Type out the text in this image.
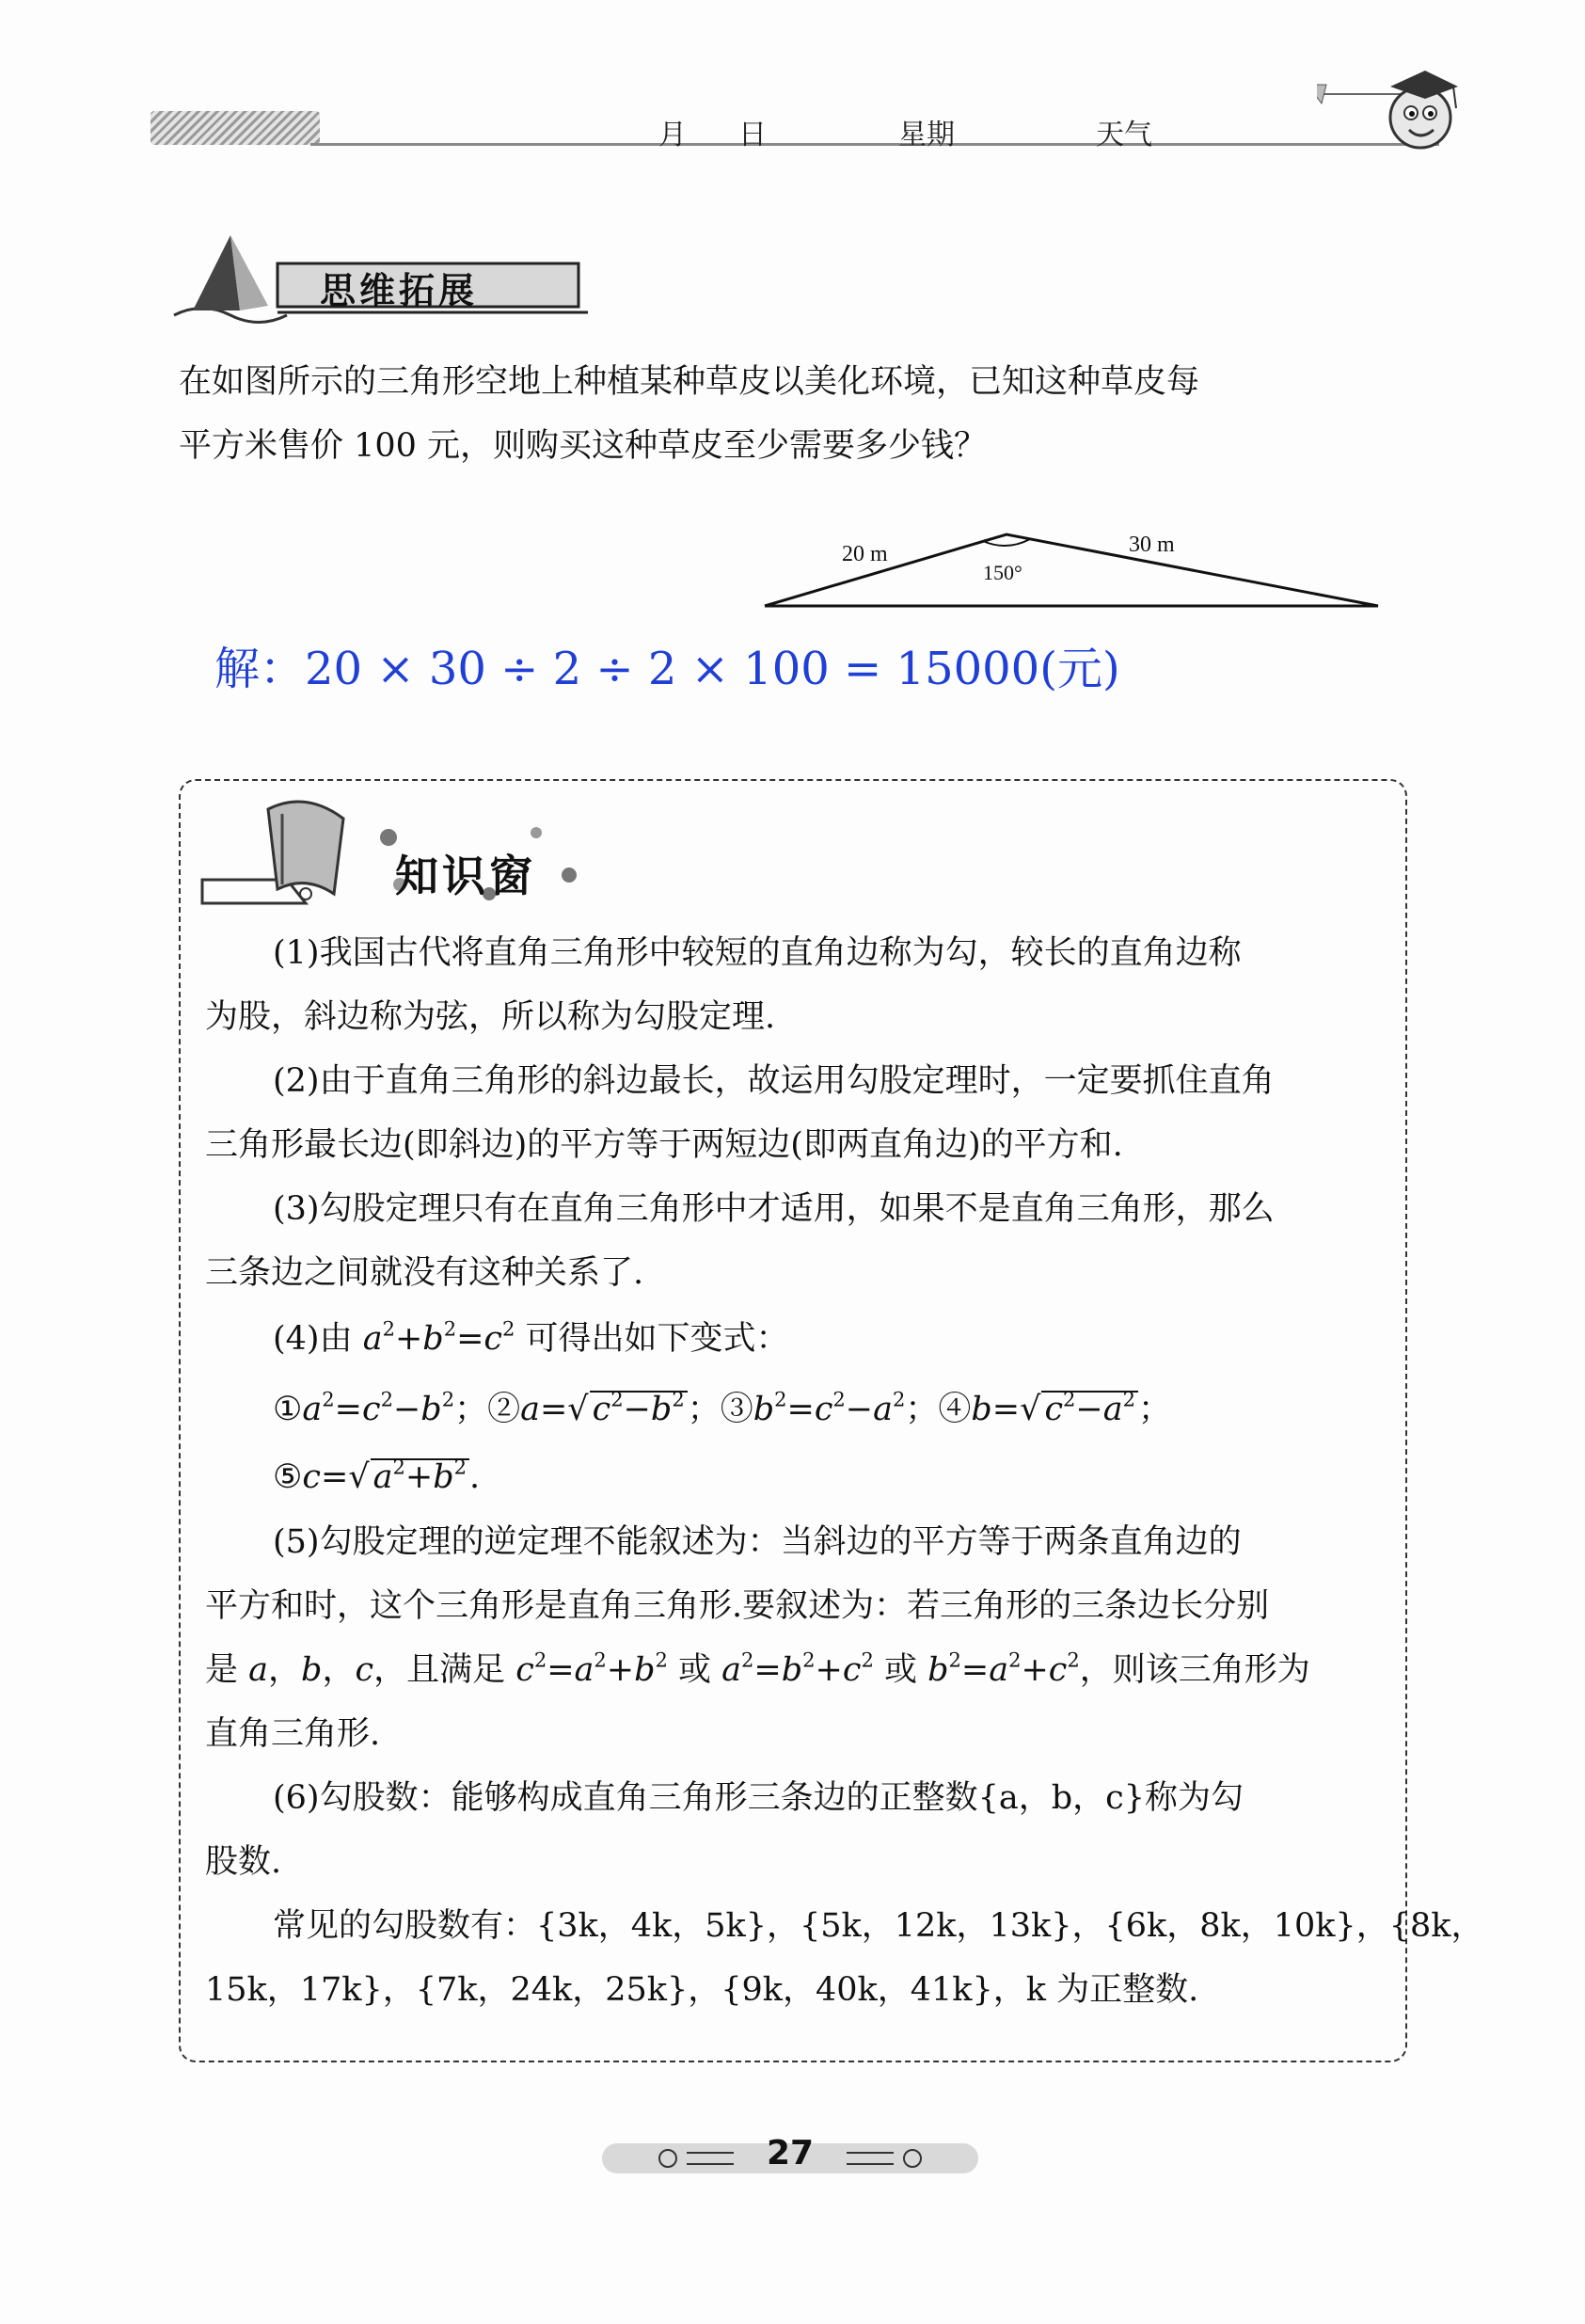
月 日	星期	天气
思维拓展
在如图所示的三角形空地上种植某种草皮以美化环境，已知这种草皮每
平方米售价 100 元，则购买这种草皮至少需要多少钱？
20 m	30 m
150°
解：20 × 30 ÷ 2 ÷ 2 × 100 = 15000(元)
知识窗
(1)我国古代将直角三角形中较短的直角边称为勾，较长的直角边称
为股，斜边称为弦，所以称为勾股定理.
(2)由于直角三角形的斜边最长，故运用勾股定理时，一定要抓住直角
三角形最长边(即斜边)的平方等于两短边(即两直角边)的平方和.
(3)勾股定理只有在直角三角形中才适用，如果不是直角三角形，那么
三条边之间就没有这种关系了.
(4)由 $a^2+b^2=c^2$ 可得出如下变式：
$①a^2=c^2-b^2$；②a=√ $c^2-b^2$；$③b^2=c^2-a^2$；④b=√ $c^2-a^2$；
⑤c=√ $a^2+b^2$.
(5)勾股定理的逆定理不能叙述为：当斜边的平方等于两条直角边的
平方和时，这个三角形是直角三角形.要叙述为：若三角形的三条边长分别
是 a，b，c，且满足 $c^2=a^2+b^2$ 或 $a^2=b^2+c^2$ 或 $b^2=a^2+c^2$，则该三角形为
直角三角形.
(6)勾股数：能够构成直角三角形三条边的正整数{a，b，c}称为勾
股数.
常见的勾股数有：{3k，4k，5k}，{5k，12k，13k}，{6k，8k，10k}，{8k，
15k，17k}，{7k，24k，25k}，{9k，40k，41k}，k 为正整数.
27
